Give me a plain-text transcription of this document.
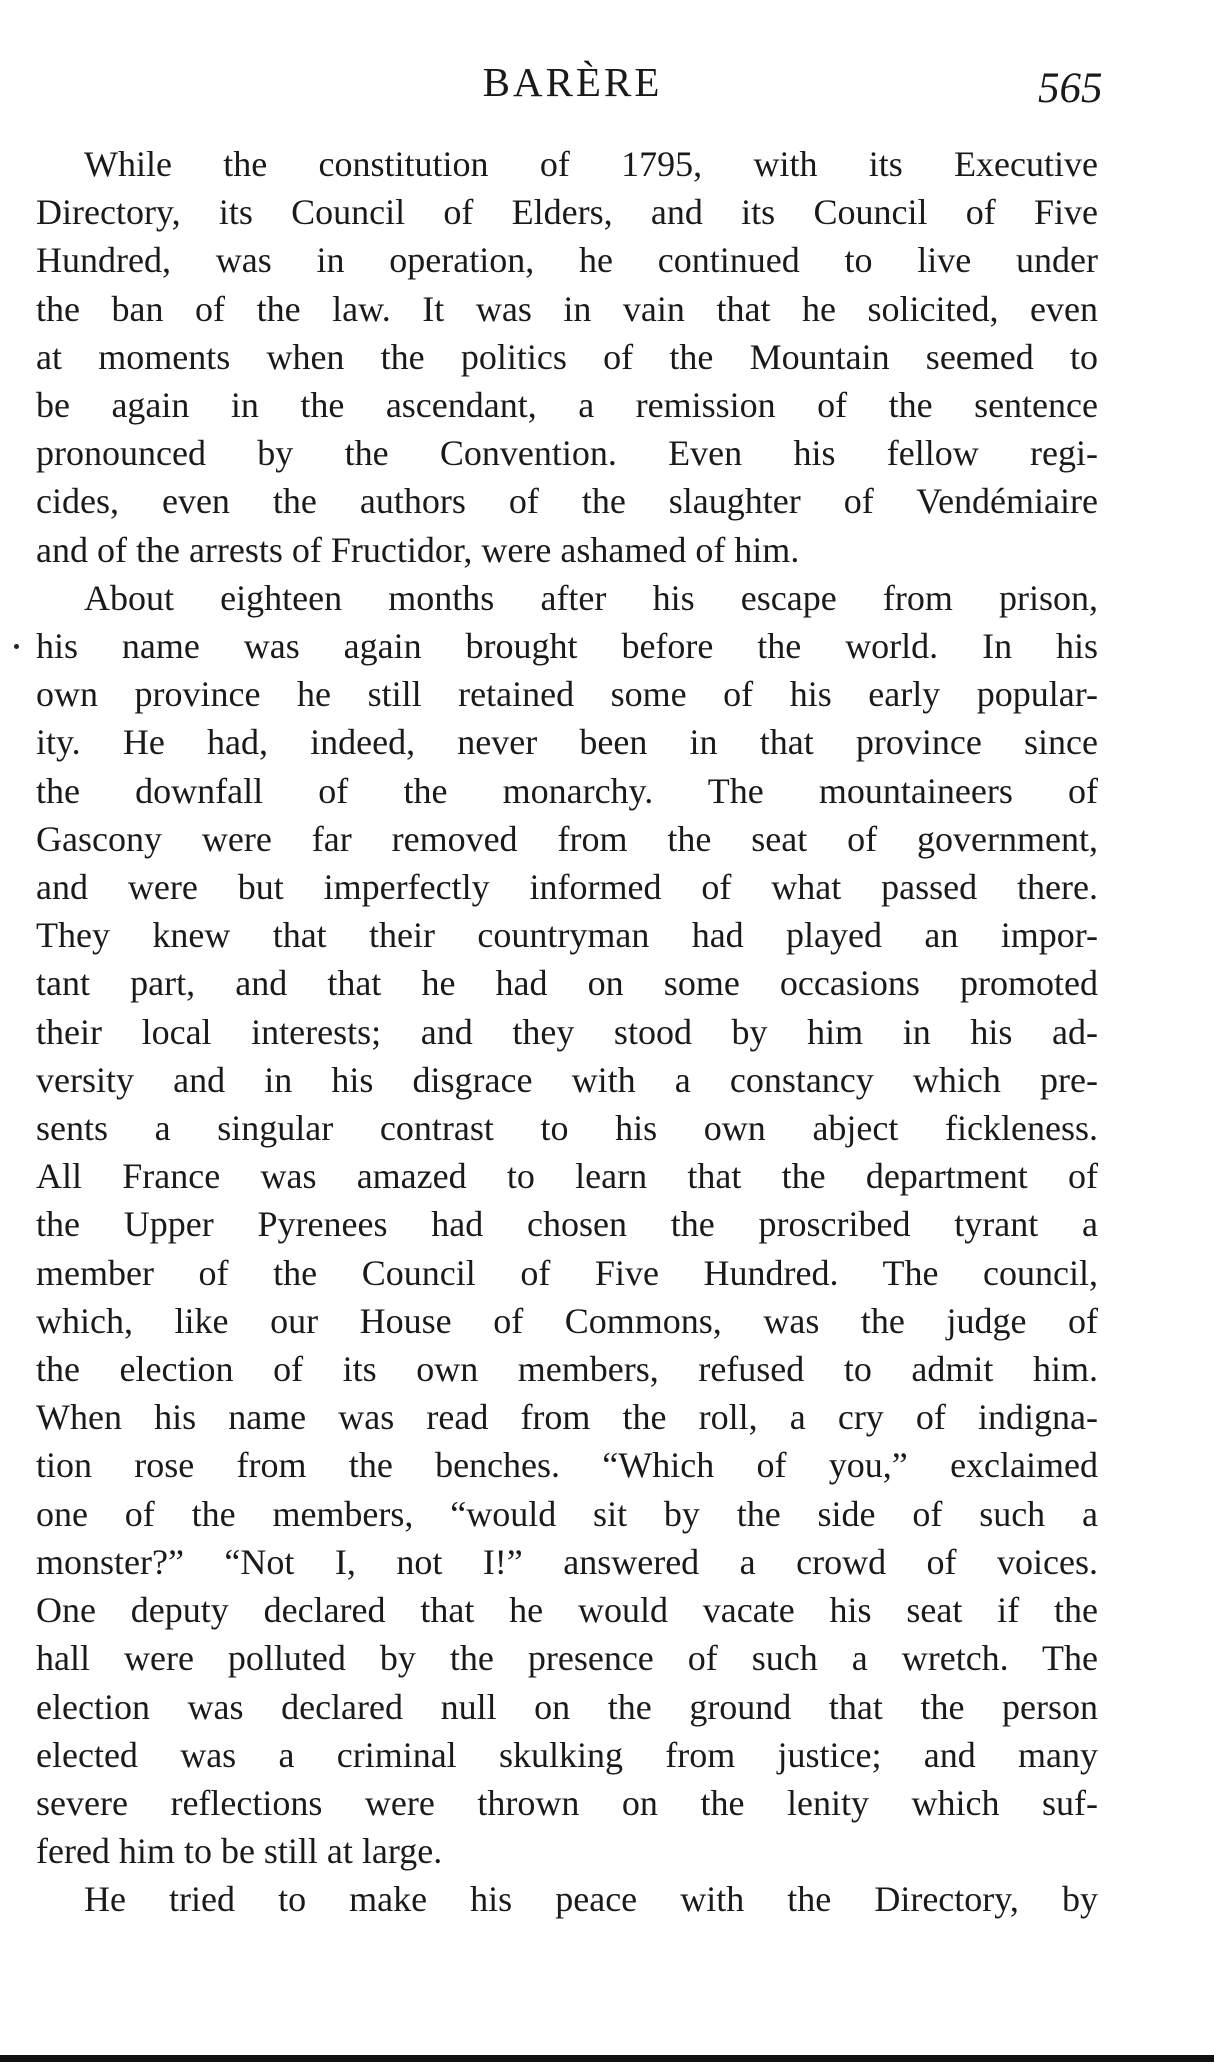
BARÈRE	565
While the constitution of 1795, with its Executive
Directory, its Council of Elders, and its Council of Five
Hundred, was in operation, he continued to live under
the ban of the law. It was in vain that he solicited, even
at moments when the politics of the Mountain seemed to
be again in the ascendant, a remission of the sentence
pronounced by the Convention. Even his fellow regi-
cides, even the authors of the slaughter of Vendémiaire
and of the arrests of Fructidor, were ashamed of him.
About eighteen months after his escape from prison,
his name was again brought before the world. In his
own province he still retained some of his early popular-
ity. He had, indeed, never been in that province since
the downfall of the monarchy. The mountaineers of
Gascony were far removed from the seat of government,
and were but imperfectly informed of what passed there.
They knew that their countryman had played an impor-
tant part, and that he had on some occasions promoted
their local interests; and they stood by him in his ad-
versity and in his disgrace with a constancy which pre-
sents a singular contrast to his own abject fickleness.
All France was amazed to learn that the department of
the Upper Pyrenees had chosen the proscribed tyrant a
member of the Council of Five Hundred. The council,
which, like our House of Commons, was the judge of
the election of its own members, refused to admit him.
When his name was read from the roll, a cry of indigna-
tion rose from the benches. “Which of you,” exclaimed
one of the members, “would sit by the side of such a
monster?” “Not I, not I!” answered a crowd of voices.
One deputy declared that he would vacate his seat if the
hall were polluted by the presence of such a wretch. The
election was declared null on the ground that the person
elected was a criminal skulking from justice; and many
severe reflections were thrown on the lenity which suf-
fered him to be still at large.
He tried to make his peace with the Directory, by
